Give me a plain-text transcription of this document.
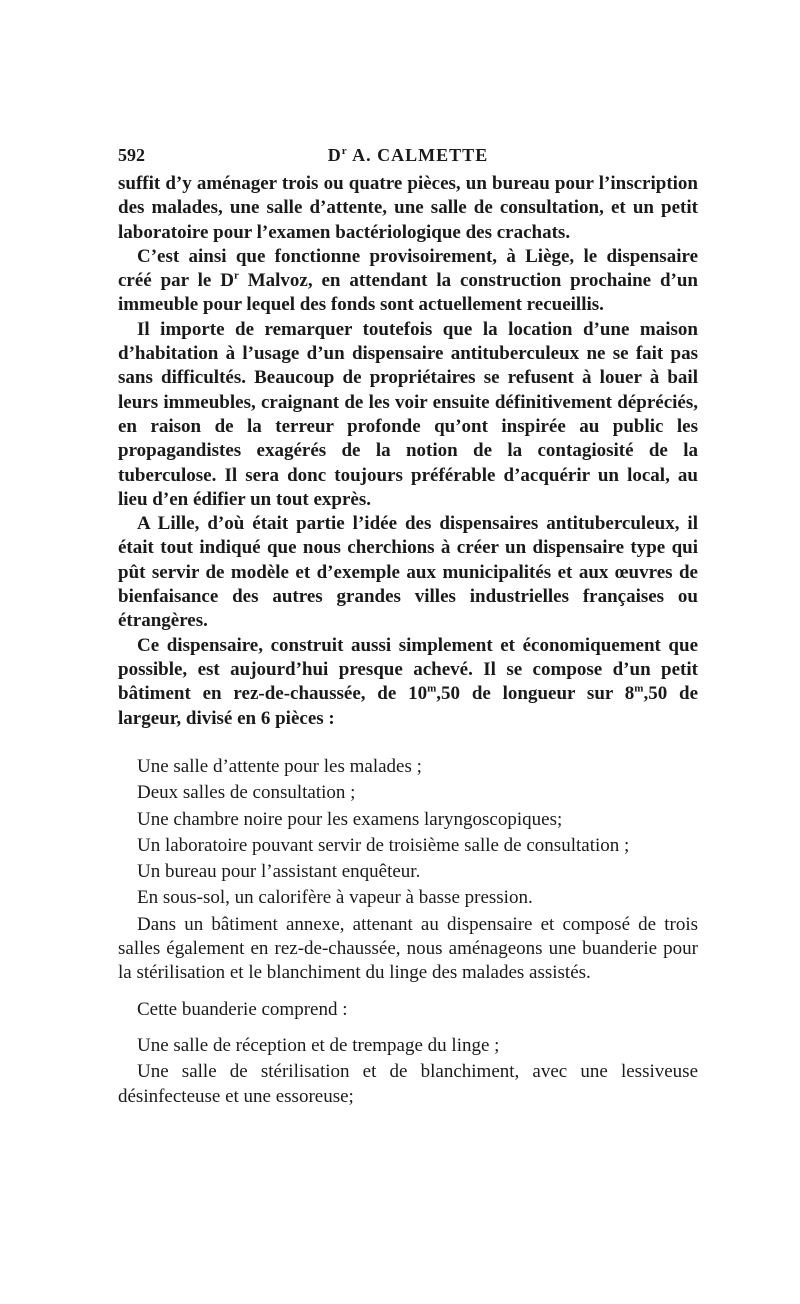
592	$D^r$ A. CALMETTE

suffit d’y aménager trois ou quatre pièces, un bureau pour l’inscription des malades, une salle d’attente, une salle de consultation, et un petit laboratoire pour l’examen bactériologique des crachats.

C’est ainsi que fonctionne provisoirement, à Liège, le dispensaire créé par le $D^r$ Malvoz, en attendant la construction prochaine d’un immeuble pour lequel des fonds sont actuellement recueillis.

Il importe de remarquer toutefois que la location d’une maison d’habitation à l’usage d’un dispensaire antituberculeux ne se fait pas sans difficultés. Beaucoup de propriétaires se refusent à louer à bail leurs immeubles, craignant de les voir ensuite définitivement dépréciés, en raison de la terreur profonde qu’ont inspirée au public les propagandistes exagérés de la notion de la contagiosité de la tuberculose. Il sera donc toujours préférable d’acquérir un local, au lieu d’en édifier un tout exprès.

A Lille, d’où était partie l’idée des dispensaires antituberculeux, il était tout indiqué que nous cherchions à créer un dispensaire type qui pût servir de modèle et d’exemple aux municipalités et aux œuvres de bienfaisance des autres grandes villes industrielles françaises ou étrangères.

Ce dispensaire, construit aussi simplement et économiquement que possible, est aujourd’hui presque achevé. Il se compose d’un petit bâtiment en rez-de-chaussée, de 10$^m$,50 de longueur sur 8$^m$,50 de largeur, divisé en 6 pièces :

Une salle d’attente pour les malades ;

Deux salles de consultation ;

Une chambre noire pour les examens laryngoscopiques;

Un laboratoire pouvant servir de troisième salle de consultation ;

Un bureau pour l’assistant enquêteur.

En sous-sol, un calorifère à vapeur à basse pression.

Dans un bâtiment annexe, attenant au dispensaire et composé de trois salles également en rez-de-chaussée, nous aménageons une buanderie pour la stérilisation et le blanchiment du linge des malades assistés.

Cette buanderie comprend :

Une salle de réception et de trempage du linge ;

Une salle de stérilisation et de blanchiment, avec une lessiveuse désinfecteuse et une essoreuse;
